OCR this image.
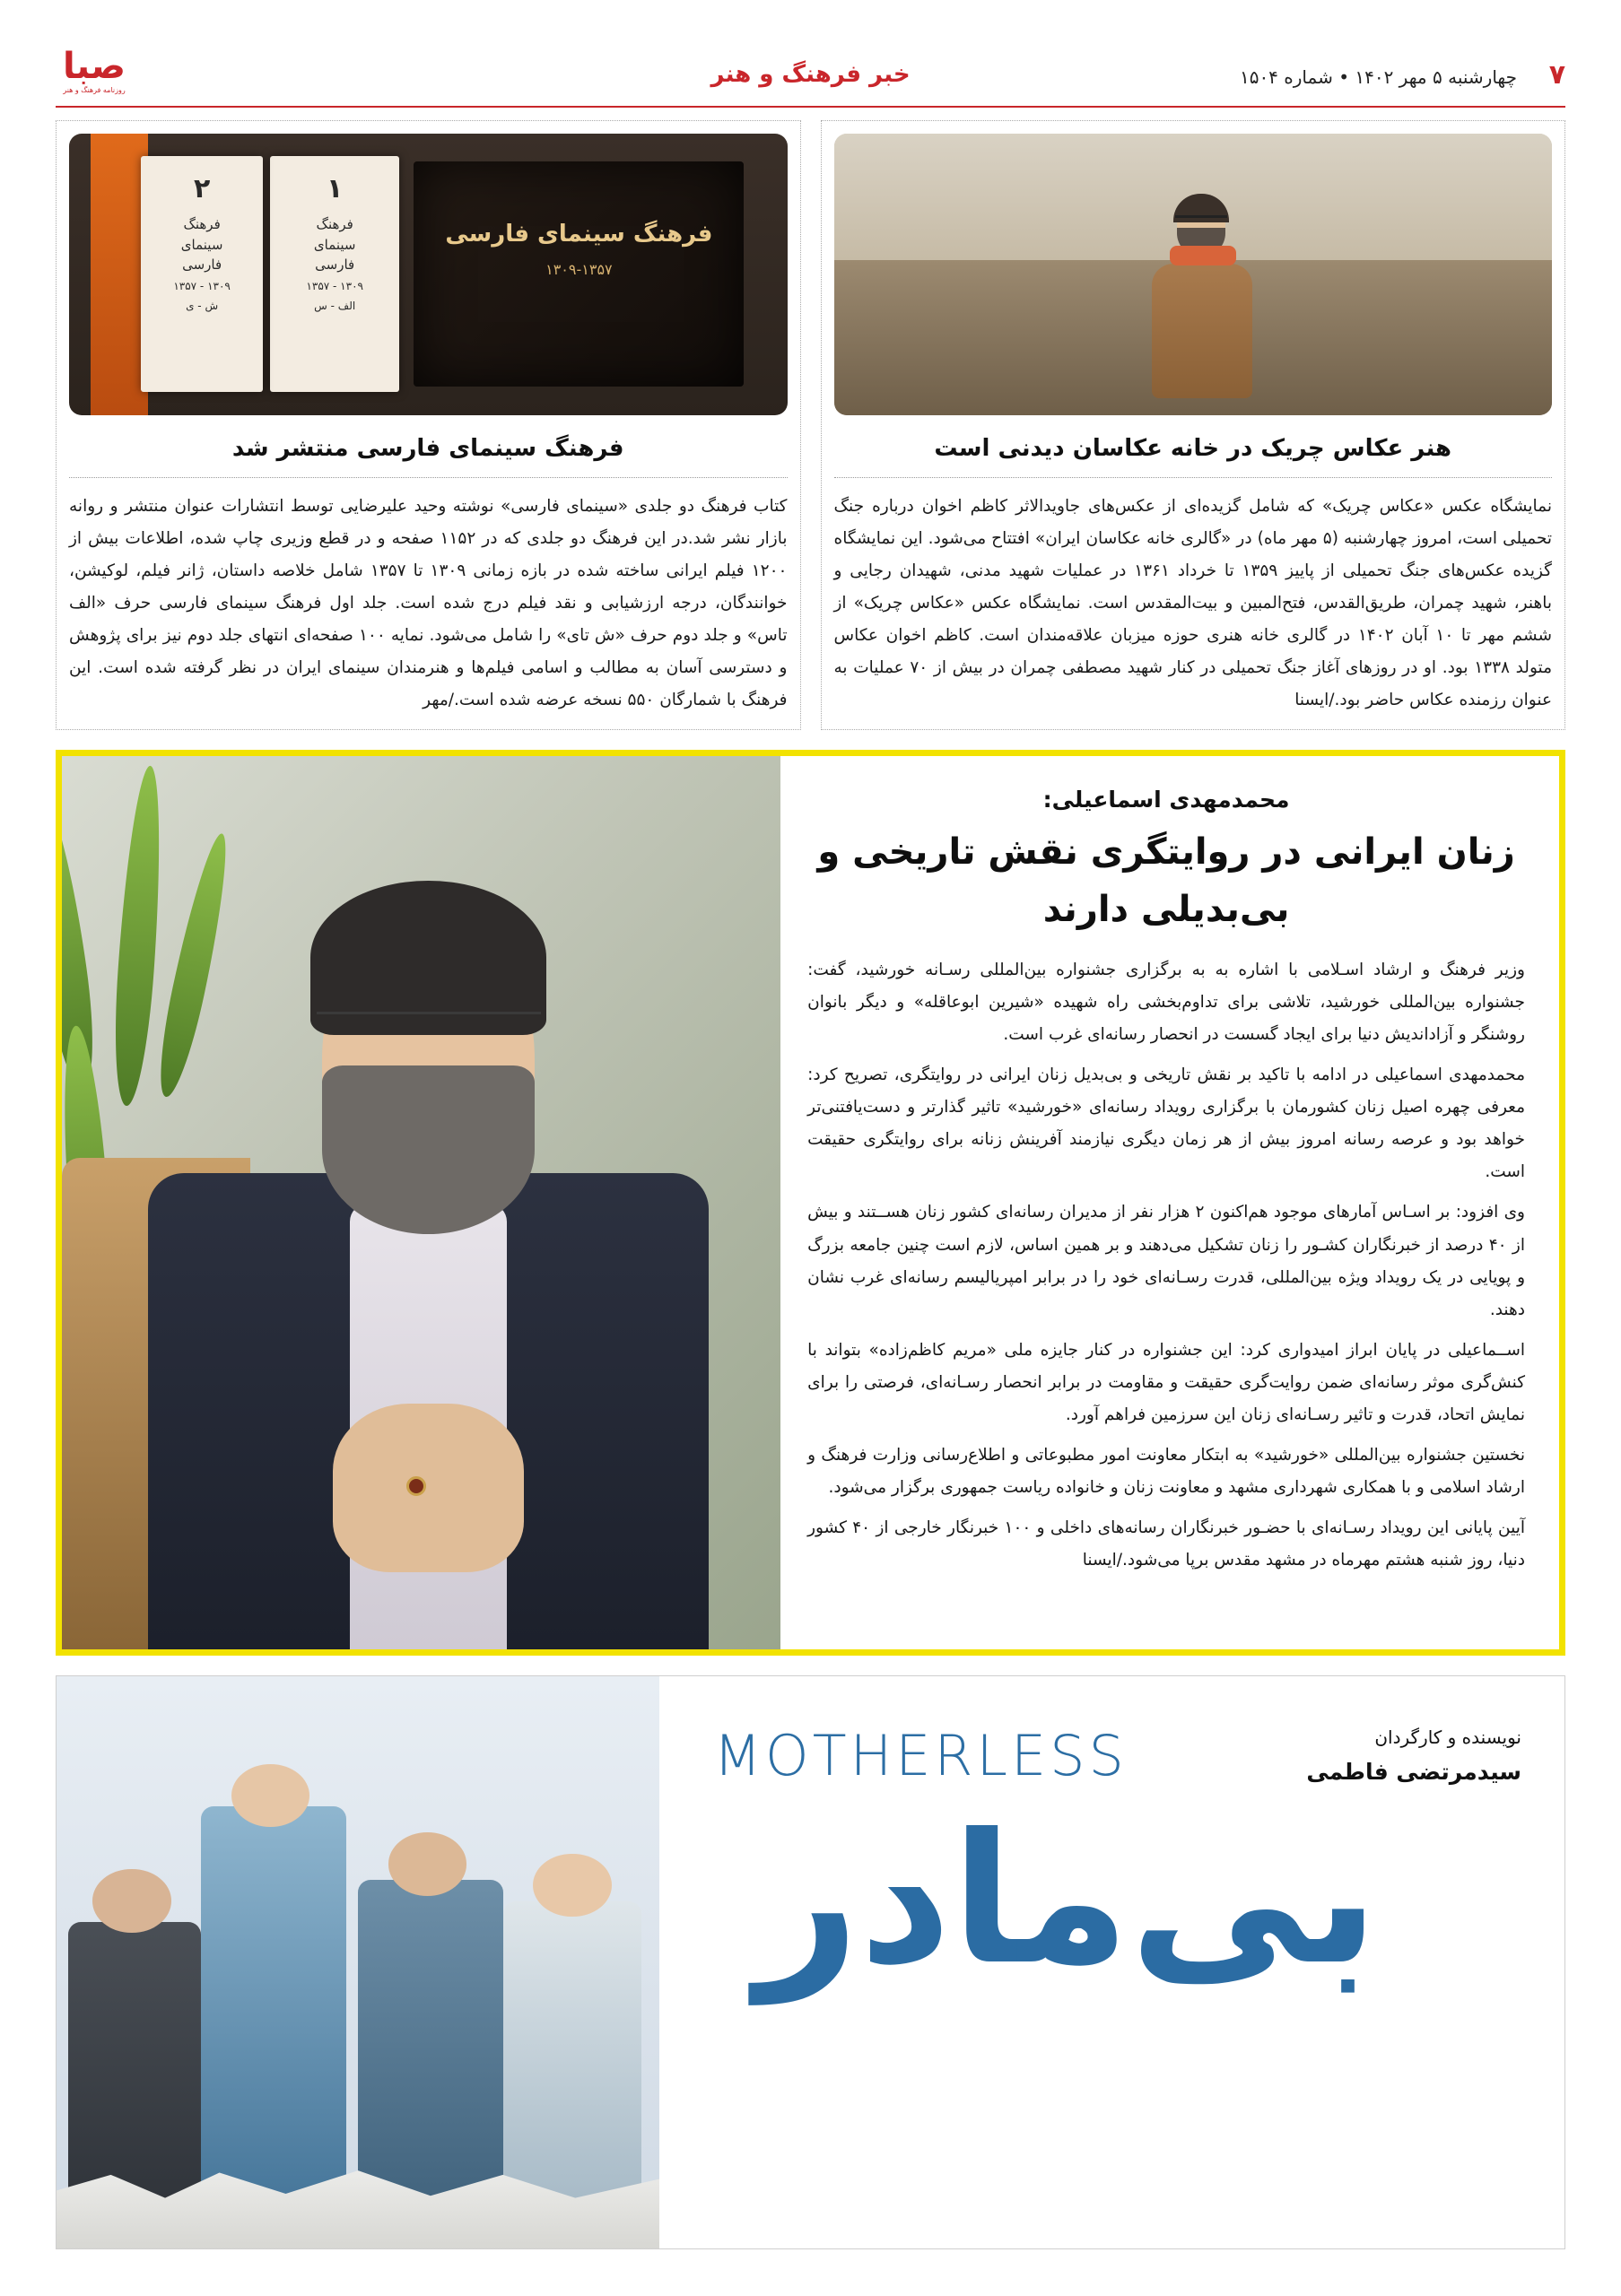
۷
چهارشنبه ۵ مهر ۱۴۰۲ • شماره ۱۵۰۴
خبر فرهنگ و هنر
صبا
روزنامه فرهنگ و هنر
فرهنگ سینمای فارسی
۱۳۰۹-۱۳۵۷
۱
فرهنگ
سینمای
فارسی
۱۳۰۹ - ۱۳۵۷
الف - س
۲
فرهنگ
سینمای
فارسی
۱۳۰۹ - ۱۳۵۷
ش - ی
فرهنگ سینمای فارسی منتشر شد
کتاب فرهنگ دو جلدی «سینمای فارسی» نوشته وحید علیرضایی توسط انتشارات عنوان منتشر و روانه بازار نشر شد.در این فرهنگ دو جلدی که در ۱۱۵۲ صفحه و در قطع وزیری چاپ شده، اطلاعات بیش از ۱۲۰۰ فیلم ایرانی ساخته شده در بازه زمانی ۱۳۰۹ تا ۱۳۵۷ شامل خلاصه داستان، ژانر فیلم، لوکیشن، خوانندگان، درجه ارزشیابی و نقد فیلم درج شده است. جلد اول فرهنگ سینمای فارسی حرف «الف تاس» و جلد دوم حرف «ش تای» را شامل می‌شود. نمایه ۱۰۰ صفحه‌ای انتهای جلد دوم نیز برای پژوهش و دسترسی آسان به مطالب و اسامی فیلم‌ها و هنرمندان سینمای ایران در نظر گرفته شده است. این فرهنگ با شمارگان ۵۵۰ نسخه عرضه شده است./مهر
هنر عکاس چریک در خانه عکاسان دیدنی است
نمایشگاه عکس «عکاس چریک» که شامل گزیده‌ای از عکس‌های جاویدالاثر کاظم اخوان درباره جنگ تحمیلی است، امروز چهارشنبه (۵ مهر ماه) در «گالری خانه عکاسان ایران» افتتاح می‌شود. این نمایشگاه گزیده عکس‌های جنگ تحمیلی از پاییز ۱۳۵۹ تا خرداد ۱۳۶۱ در عملیات شهید مدنی، شهیدان رجایی و باهنر، شهید چمران، طریق‌القدس، فتح‌المبین و بیت‌المقدس است. نمایشگاه عکس «عکاس چریک» از ششم مهر تا ۱۰ آبان ۱۴۰۲ در گالری خانه هنری حوزه میزبان علاقه‌مندان است. کاظم اخوان عکاس متولد ۱۳۳۸ بود. او در روزهای آغاز جنگ تحمیلی در کنار شهید مصطفی چمران در بیش از ۷۰ عملیات به عنوان رزمنده عکاس حاضر بود./ایسنا
محمدمهدی اسماعیلی:
زنان ایرانی در روایتگری نقش تاریخی و بی‌بدیلی دارند

وزیر فرهنگ و ارشاد اسـلامی با اشاره به به برگزاری جشنواره بین‌المللی رسـانه خورشید، گفت: جشنواره بین‌المللی خورشید، تلاشی برای تداوم‌بخشی راه شهیده «شیرین ابوعاقله» و دیگر بانوان روشنگر و آزاداندیش دنیا برای ایجاد گسست در انحصار رسانه‌ای غرب است.

محمدمهدی اسماعیلی در ادامه با تاکید بر نقش تاریخی و بی‌بدیل زنان ایرانی در روایتگری، تصریح کرد: معرفی چهره اصیل زنان کشورمان با برگزاری رویداد رسانه‌ای «خورشید» تاثیر گذارتر و دست‌یافتنی‌تر خواهد بود و عرصه رسانه امروز بیش از هر زمان دیگری نیازمند آفرینش زنانه برای روایتگری حقیقت است.

وی افزود: بر اسـاس آمارهای موجود هم‌اکنون ۲ هزار نفر از مدیران رسانه‌ای کشور زنان هســتند و بیش از ۴۰ درصد از خبرنگاران کشـور را زنان تشکیل می‌دهند و بر همین اساس، لازم است چنین جامعه بزرگ و پویایی در یک رویداد ویژه بین‌المللی، قدرت رسـانه‌ای خود را در برابر امپریالیسم رسانه‌ای غرب نشان دهند.

اســماعیلی در پایان ابراز امیدواری کرد: این جشنواره در کنار جایزه ملی «مریم کاظم‌زاده» بتواند با کنش‌گری موثر رسانه‌ای ضمن روایت‌گری حقیقت و مقاومت در برابر انحصار رسـانه‌ای، فرصتی را برای نمایش اتحاد، قدرت و تاثیر رسـانه‌ای زنان این سرزمین فراهم آورد.

نخستین جشنواره بین‌المللی «خورشید» به ابتکار معاونت امور مطبوعاتی و اطلاع‌رسانی وزارت فرهنگ و ارشاد اسلامی و با همکاری شهرداری مشهد و معاونت زنان و خانواده ریاست جمهوری برگزار می‌شود.

آیین پایانی این رویداد رسـانه‌ای با حضـور خبرنگاران رسانه‌های داخلی و ۱۰۰ خبرنگار خارجی از ۴۰ کشور دنیا، روز شنبه هشتم مهرماه در مشهد مقدس برپا می‌شود./ایسنا

نویسنده و کارگردان
سیدمرتضی فاطمی
MOTHERLESS
بی‌مادر
